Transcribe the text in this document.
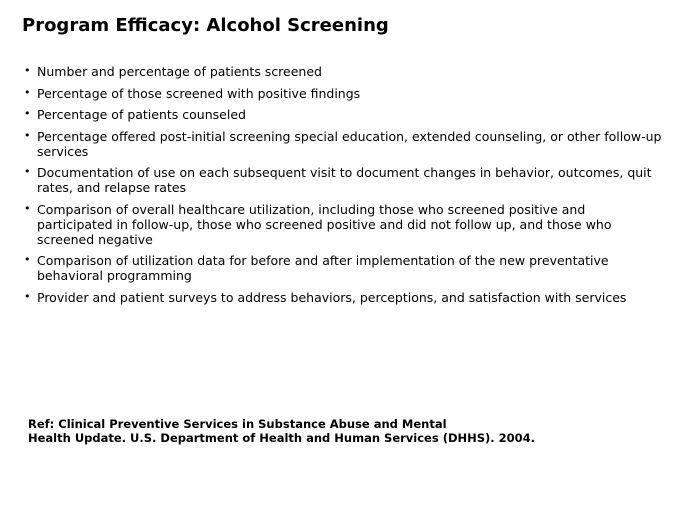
Program Efficacy: Alcohol Screening
• Number and percentage of patients screened
• Percentage of those screened with positive findings
• Percentage of patients counseled
• Percentage offered post-initial screening special education, extended counseling, or other follow-up services
• Documentation of use on each subsequent visit to document changes in behavior, outcomes, quit rates, and relapse rates
• Comparison of overall healthcare utilization, including those who screened positive and participated in follow-up, those who screened positive and did not follow up, and those who screened negative
• Comparison of utilization data for before and after implementation of the new preventative behavioral programming
• Provider and patient surveys to address behaviors, perceptions, and satisfaction with services
Ref: Clinical Preventive Services in Substance Abuse and Mental
Health Update. U.S. Department of Health and Human Services (DHHS). 2004.
